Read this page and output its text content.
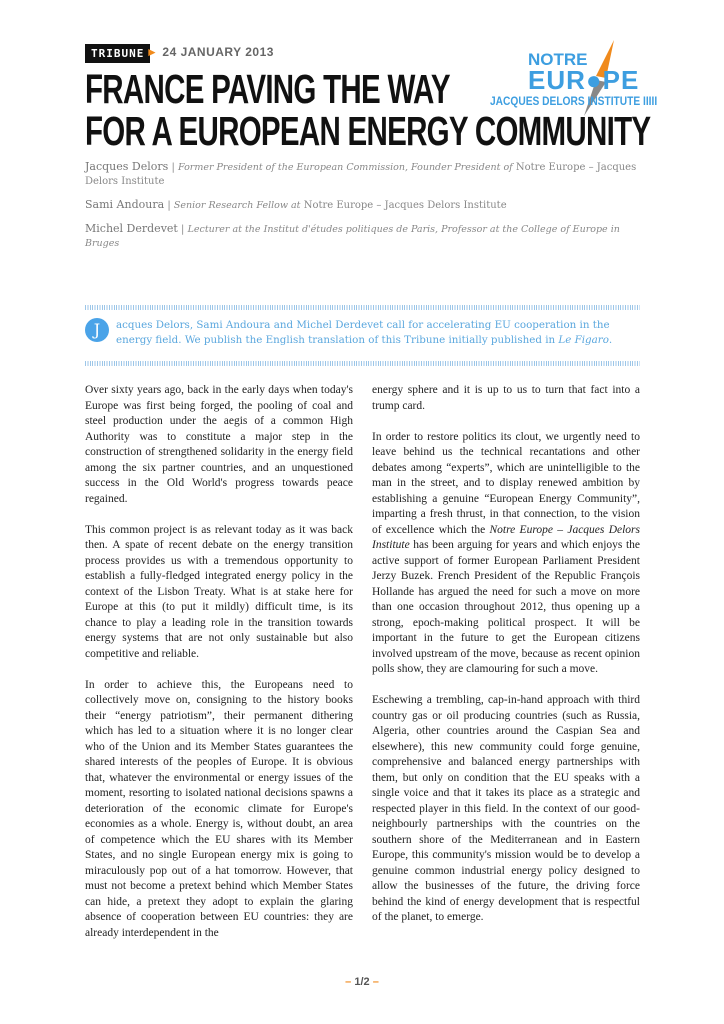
TRIBUNE ► 24 JANUARY 2013
FRANCE PAVING THE WAY
FOR A EUROPEAN ENERGY COMMUNITY
NOTRE
EUR●PE
JACQUES DELORS INSTITUTE IIIII

Jacques Delors | Former President of the European Commission, Founder President of Notre Europe – Jacques Delors Institute

Sami Andoura | Senior Research Fellow at Notre Europe – Jacques Delors Institute

Michel Derdevet | Lecturer at the Institut d'études politiques de Paris, Professor at the College of Europe in Bruges

J	acques Delors, Sami Andoura and Michel Derdevet call for accelerating EU cooperation in the energy field. We publish the English translation of this Tribune initially published in Le Figaro.

Over sixty years ago, back in the early days when today's Europe was first being forged, the pooling of coal and steel production under the aegis of a common High Authority was to constitute a major step in the construction of strengthened solidarity in the energy field among the six partner countries, and an unquestioned success in the Old World's progress towards peace regained.

This common project is as relevant today as it was back then. A spate of recent debate on the energy transition process provides us with a tremendous opportunity to establish a fully-fledged integrated energy policy in the context of the Lisbon Treaty. What is at stake here for Europe at this (to put it mildly) difficult time, is its chance to play a leading role in the transition towards energy systems that are not only sustainable but also competitive and reliable.

In order to achieve this, the Europeans need to collectively move on, consigning to the history books their “energy patriotism”, their permanent dithering which has led to a situation where it is no longer clear who of the Union and its Member States guarantees the shared interests of the peoples of Europe. It is obvious that, whatever the environmental or energy issues of the moment, resorting to isolated national decisions spawns a deterioration of the economic climate for Europe's economies as a whole. Energy is, without doubt, an area of competence which the EU shares with its Member States, and no single European energy mix is going to miraculously pop out of a hat tomorrow. However, that must not become a pretext behind which Member States can hide, a pretext they adopt to explain the glaring absence of cooperation between EU countries: they are already interdependent in the

energy sphere and it is up to us to turn that fact into a trump card.

In order to restore politics its clout, we urgently need to leave behind us the technical recantations and other debates among “experts”, which are unintelligible to the man in the street, and to display renewed ambition by establishing a genuine “European Energy Community”, imparting a fresh thrust, in that connection, to the vision of excellence which the Notre Europe – Jacques Delors Institute has been arguing for years and which enjoys the active support of former European Parliament President Jerzy Buzek. French President of the Republic François Hollande has argued the need for such a move on more than one occasion throughout 2012, thus opening up a strong, epoch-making political prospect. It will be important in the future to get the European citizens involved upstream of the move, because as recent opinion polls show, they are clamouring for such a move.

Eschewing a trembling, cap-in-hand approach with third country gas or oil producing countries (such as Russia, Algeria, other countries around the Caspian Sea and elsewhere), this new community could forge genuine, comprehensive and balanced energy partnerships with them, but only on condition that the EU speaks with a single voice and that it takes its place as a strategic and respected player in this field. In the context of our good-neighbourly partnerships with the countries on the southern shore of the Mediterranean and in Eastern Europe, this community's mission would be to develop a genuine common industrial energy policy designed to allow the businesses of the future, the driving force behind the kind of energy development that is respectful of the planet, to emerge.

– 1/2 –
